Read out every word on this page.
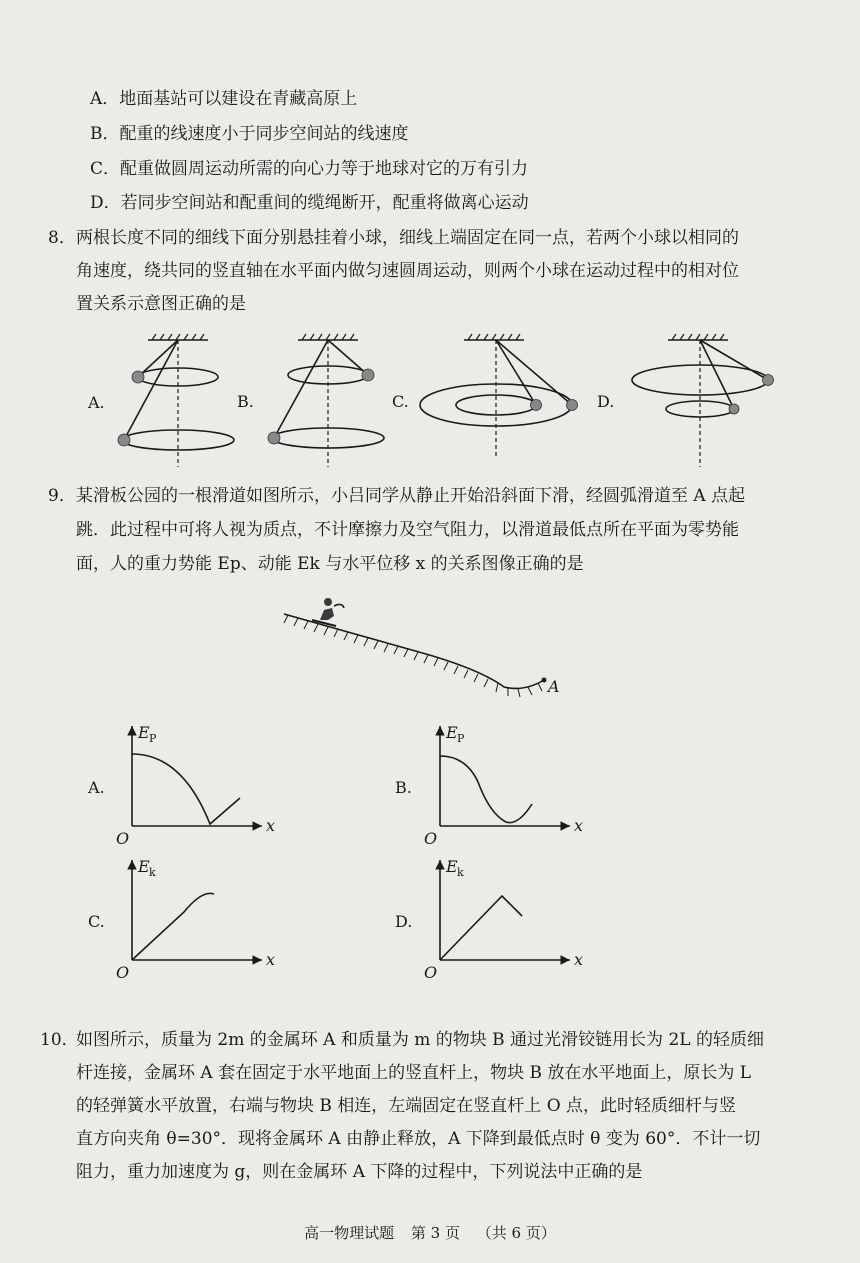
A．地面基站可以建设在青藏高原上
B．配重的线速度小于同步空间站的线速度
C．配重做圆周运动所需的向心力等于地球对它的万有引力
D．若同步空间站和配重间的缆绳断开，配重将做离心运动
8． 两根长度不同的细线下面分别悬挂着小球，细线上端固定在同一点，若两个小球以相同的
角速度，绕共同的竖直轴在水平面内做匀速圆周运动，则两个小球在运动过程中的相对位
置关系示意图正确的是
A.	B.	C.	D.
9． 某滑板公园的一根滑道如图所示，小吕同学从静止开始沿斜面下滑，经圆弧滑道至 A 点起
跳．此过程中可将人视为质点，不计摩擦力及空气阻力，以滑道最低点所在平面为零势能
面，人的重力势能 Ep、动能 Ek 与水平位移 x 的关系图像正确的是
A
A.	B.
C.	D.
E P
x
O
E P
x
O
E k
x
O
E k
x
O
10．
如图所示，质量为 2m 的金属环 A 和质量为 m 的物块 B 通过光滑铰链用长为 2L 的轻质细
杆连接，金属环 A 套在固定于水平地面上的竖直杆上，物块 B 放在水平地面上，原长为 L
的轻弹簧水平放置，右端与物块 B 相连，左端固定在竖直杆上 O 点，此时轻质细杆与竖
直方向夹角 θ=30°．现将金属环 A 由静止释放，A 下降到最低点时 θ 变为 60°．不计一切
阻力，重力加速度为 g，则在金属环 A 下降的过程中，下列说法中正确的是
高一物理试题 第 3 页 （共 6 页）
